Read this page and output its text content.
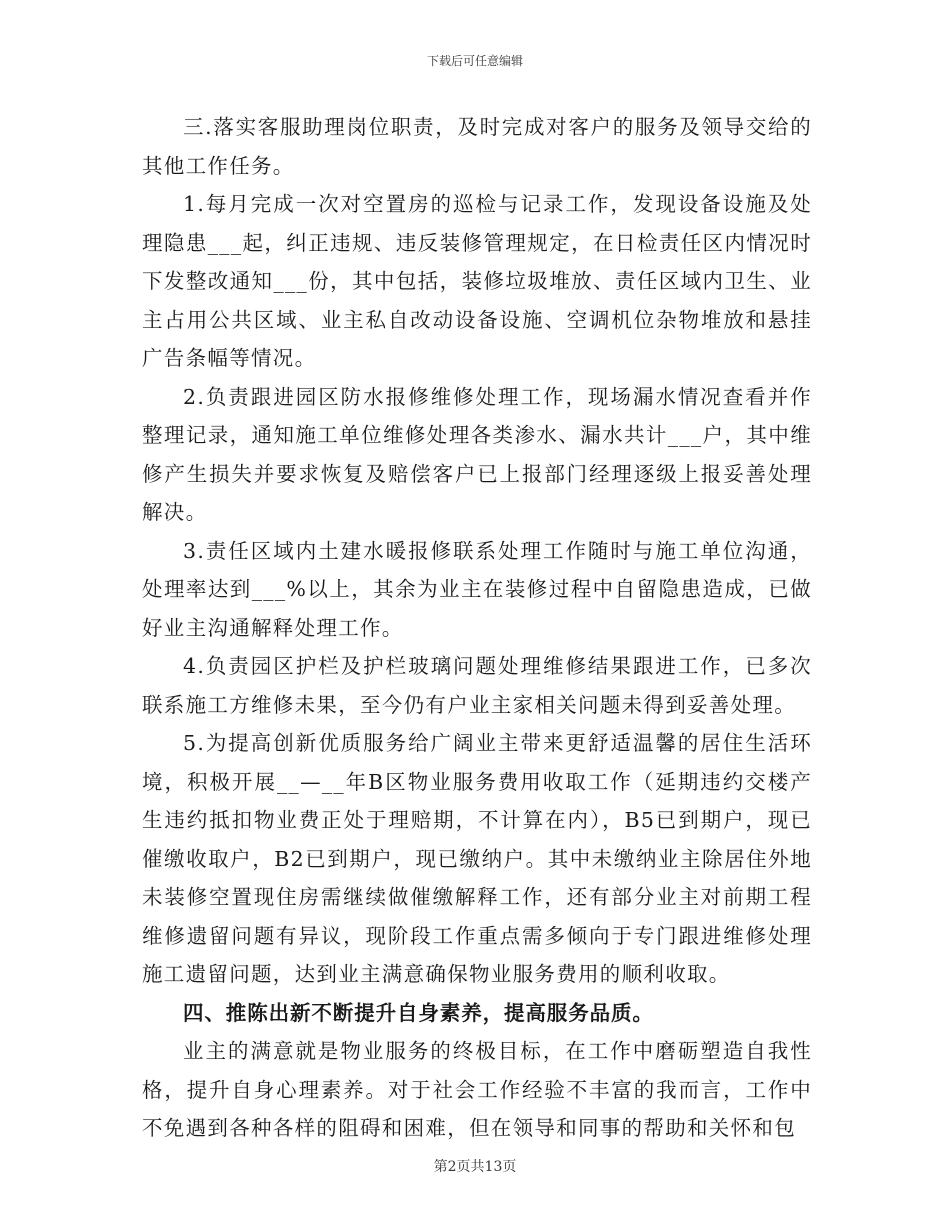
下载后可任意编辑

三.落实客服助理岗位职责，及时完成对客户的服务及领导交给的其他工作任务。

1.每月完成一次对空置房的巡检与记录工作，发现设备设施及处理隐患___起，纠正违规、违反装修管理规定，在日检责任区内情况时下发整改通知___份，其中包括，装修垃圾堆放、责任区域内卫生、业主占用公共区域、业主私自改动设备设施、空调机位杂物堆放和悬挂广告条幅等情况。

2.负责跟进园区防水报修维修处理工作，现场漏水情况查看并作整理记录，通知施工单位维修处理各类渗水、漏水共计___户，其中维修产生损失并要求恢复及赔偿客户已上报部门经理逐级上报妥善处理解决。

3.责任区域内土建水暖报修联系处理工作随时与施工单位沟通，处理率达到___%以上，其余为业主在装修过程中自留隐患造成，已做好业主沟通解释处理工作。

4.负责园区护栏及护栏玻璃问题处理维修结果跟进工作，已多次联系施工方维修未果，至今仍有户业主家相关问题未得到妥善处理。

5.为提高创新优质服务给广阔业主带来更舒适温馨的居住生活环境，积极开展__—__年B区物业服务费用收取工作（延期违约交楼产生违约抵扣物业费正处于理赔期，不计算在内），B5已到期户，现已催缴收取户，B2已到期户，现已缴纳户。其中未缴纳业主除居住外地未装修空置现住房需继续做催缴解释工作，还有部分业主对前期工程维修遗留问题有异议，现阶段工作重点需多倾向于专门跟进维修处理施工遗留问题，达到业主满意确保物业服务费用的顺利收取。

四、推陈出新不断提升自身素养，提高服务品质。

业主的满意就是物业服务的终极目标，在工作中磨砺塑造自我性格，提升自身心理素养。对于社会工作经验不丰富的我而言，工作中不免遇到各种各样的阻碍和困难，但在领导和同事的帮助和关怀和包

第2页共13页
